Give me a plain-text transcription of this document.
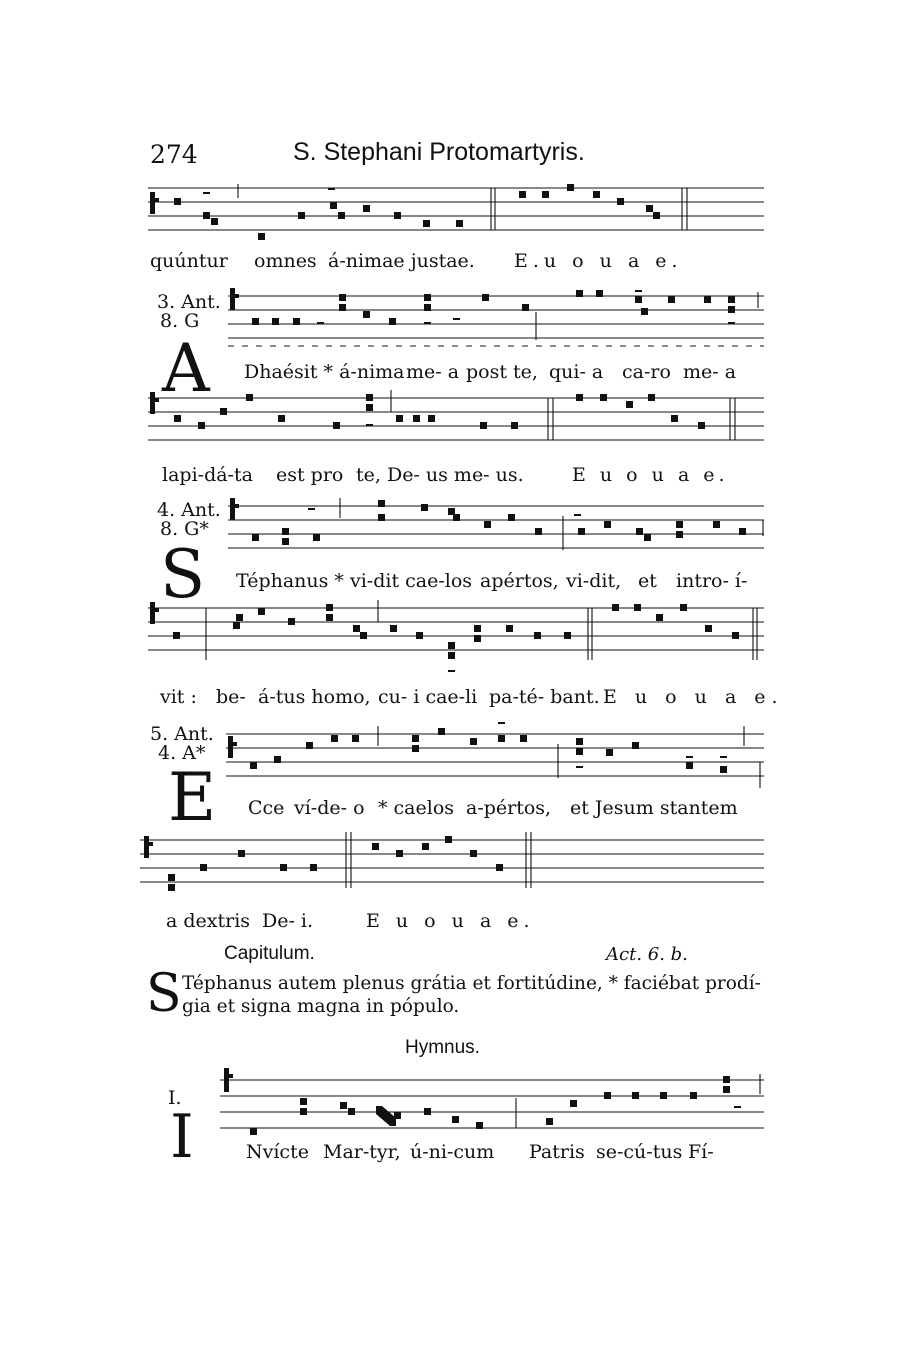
274	S. Stephani Protomartyris.
quúntur omnes á-nimae justae. E.u o u a e.
3. Ant.
8. G
A Dhaésit * á-nima me- a post te, qui- a ca-ro me- a
lapi-dá-ta est pro te, De- us me- us.	E u o u a e.
4. Ant.
8. G*
S Téphanus * vi-dit cae-los apértos, vi-dit, et intro- í-
vit : be- á-tus homo, cu- i cae-li pa-té- bant. E u o u a e.
5. Ant.
4. A*
E Cce ví-de- o * caelos a-pértos, et Jesum stantem
a dextris De- i.	E u o u a e.
Capitulum.	Act. 6. b.
S Téphanus autem plenus grátia et fortitúdine, * faciébat prodí-
gia et signa magna in pópulo.
Hymnus.
I.
I	Nvícte Mar-tyr, ú-ni-cum Patris se-cú-tus Fí-
